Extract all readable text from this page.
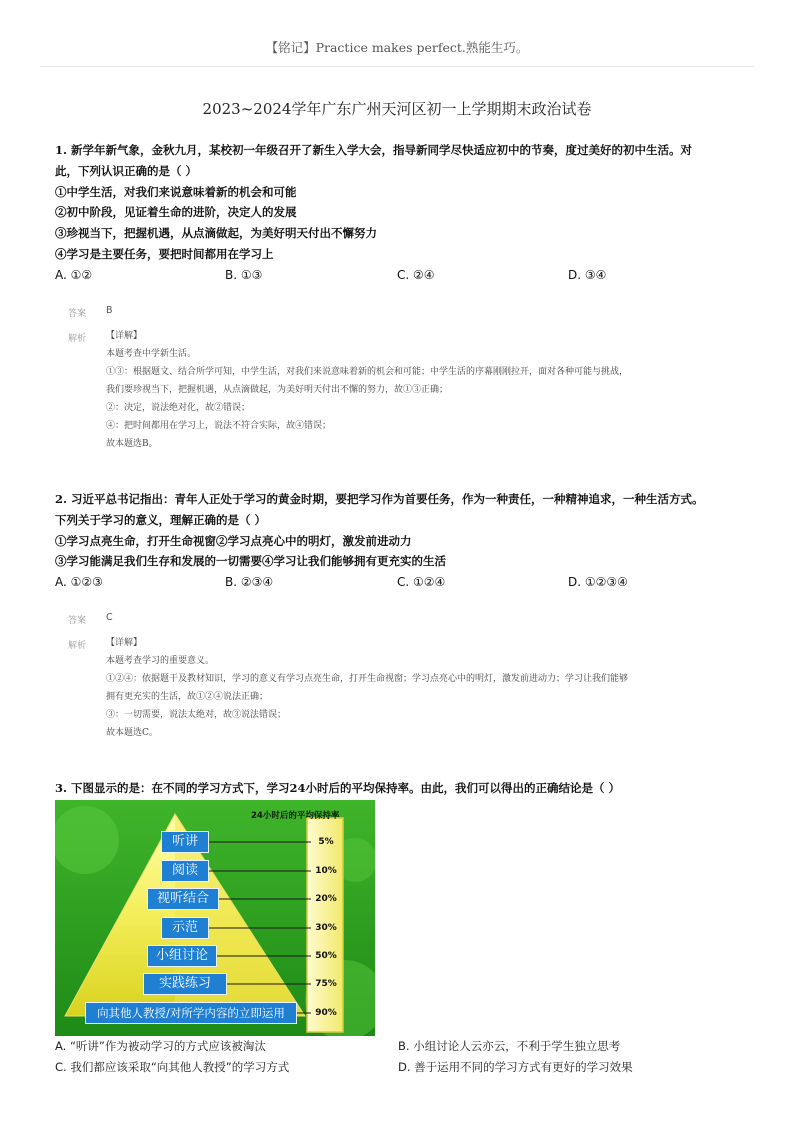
【铭记】Practice makes perfect.熟能生巧。
2023~2024学年广东广州天河区初一上学期期末政治试卷
1. 新学年新气象，金秋九月，某校初一年级召开了新生入学大会，指导新同学尽快适应初中的节奏，度过美好的初中生活。对
此，下列认识正确的是（ ）
①中学生活，对我们来说意味着新的机会和可能
②初中阶段，见证着生命的进阶，决定人的发展
③珍视当下，把握机遇，从点滴做起，为美好明天付出不懈努力
④学习是主要任务，要把时间都用在学习上
A. ①②	B. ①③	C. ②④	D. ③④
答案 B
解析 【详解】
本题考查中学新生活。
①③：根据题文、结合所学可知，中学生活，对我们来说意味着新的机会和可能；中学生活的序幕刚刚拉开，面对各种可能与挑战，
我们要珍视当下，把握机遇，从点滴做起，为美好明天付出不懈的努力，故①③正确；
②：决定，说法绝对化，故②错误；
④：把时间都用在学习上，说法不符合实际，故④错误；
故本题选B。
2. 习近平总书记指出：青年人正处于学习的黄金时期，要把学习作为首要任务，作为一种责任，一种精神追求，一种生活方式。
下列关于学习的意义，理解正确的是（ ）
①学习点亮生命，打开生命视窗②学习点亮心中的明灯，激发前进动力
③学习能满足我们生存和发展的一切需要④学习让我们能够拥有更充实的生活
A. ①②③	B. ②③④	C. ①②④	D. ①②③④
答案 C
解析 【详解】
本题考查学习的重要意义。
①②④：依据题干及教材知识，学习的意义有学习点亮生命，打开生命视窗；学习点亮心中的明灯，激发前进动力；学习让我们能够
拥有更充实的生活，故①②④说法正确；
③：一切需要，说法太绝对，故③说法错误；
故本题选C。
3. 下图显示的是：在不同的学习方式下，学习24小时后的平均保持率。由此，我们可以得出的正确结论是（ ）
24小时后的平均保持率
听讲
阅读
视听结合
示范
小组讨论
实践练习
向其他人教授/对所学内容的立即运用
5%
10%
20%
30%
50%
75%
90%
A. “听讲”作为被动学习的方式应该被淘汰	B. 小组讨论人云亦云，不利于学生独立思考
C. 我们都应该采取“向其他人教授”的学习方式	D. 善于运用不同的学习方式有更好的学习效果
